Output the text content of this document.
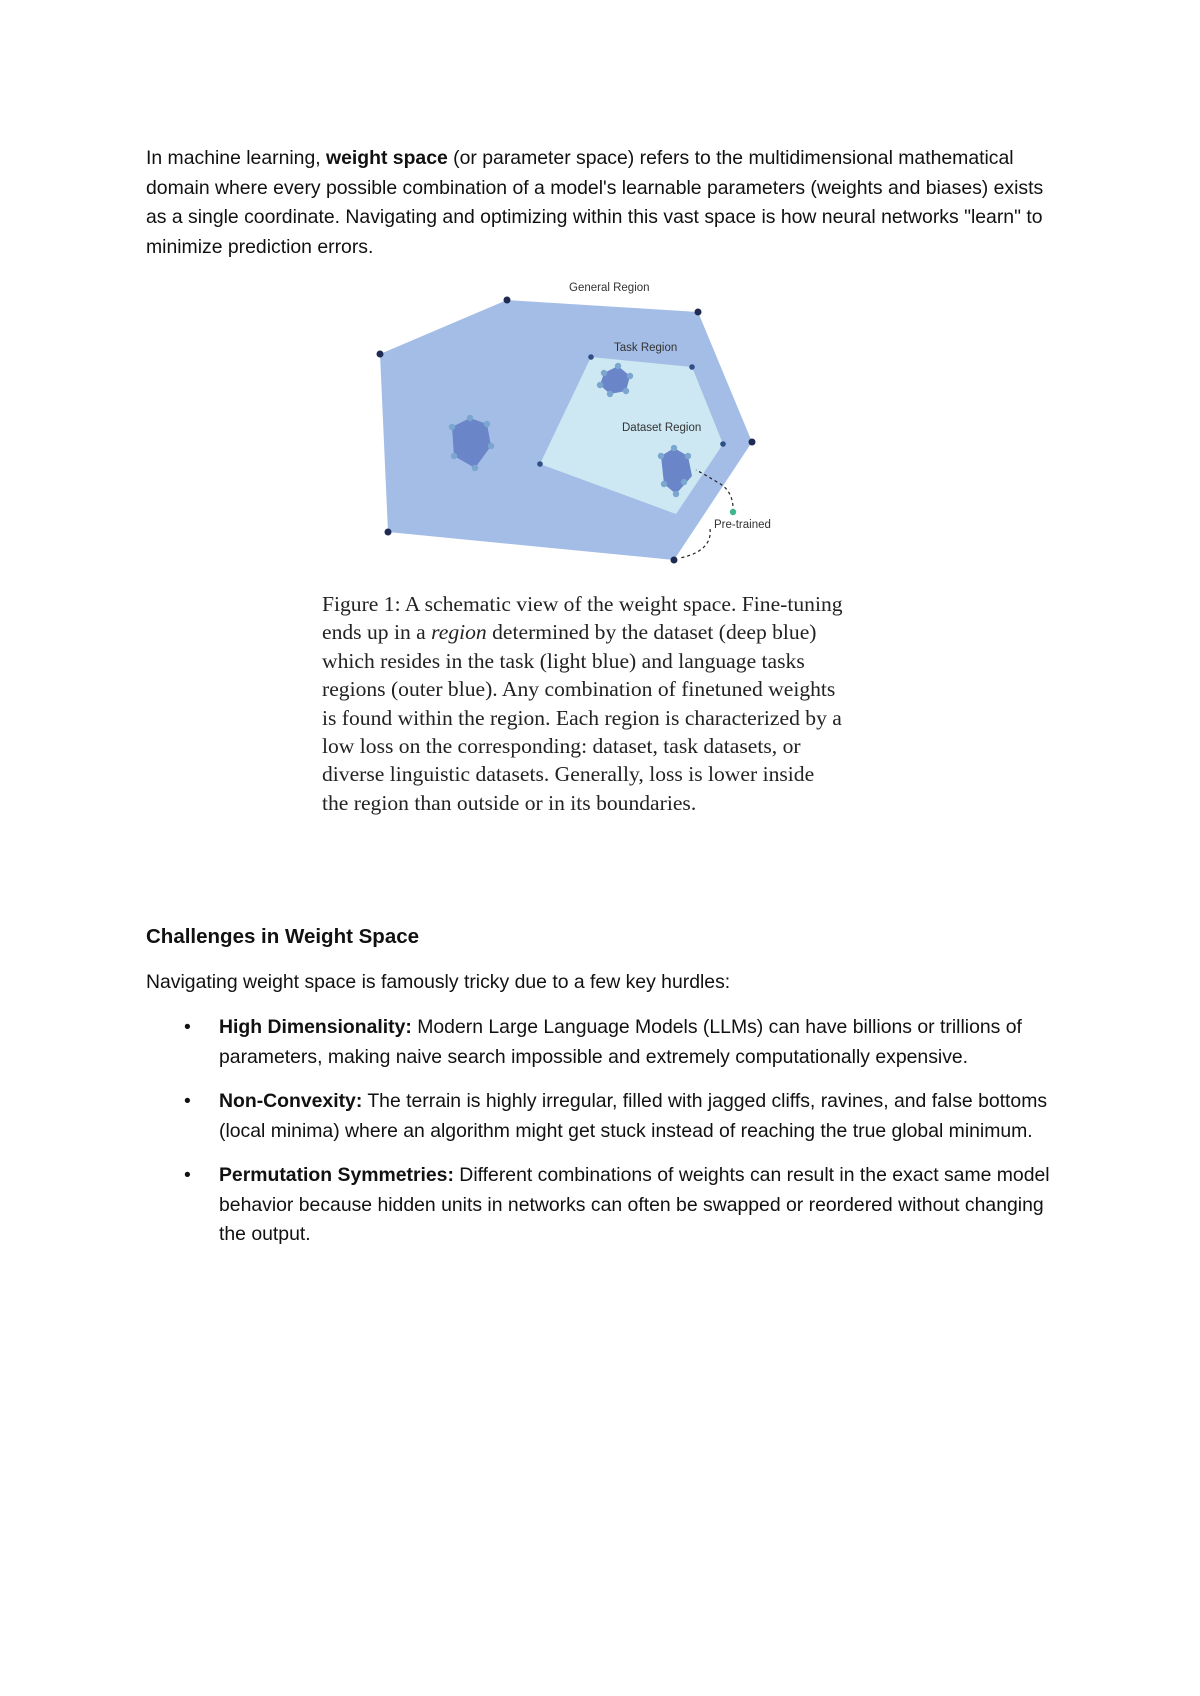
In machine learning, weight space (or parameter space) refers to the multidimensional mathematical domain where every possible combination of a model's learnable parameters (weights and biases) exists as a single coordinate. Navigating and optimizing within this vast space is how neural networks "learn" to minimize prediction errors.

General Region
Task Region
Dataset Region
Pre-trained

Figure 1: A schematic view of the weight space. Fine-tuning ends up in a region determined by the dataset (deep blue) which resides in the task (light blue) and language tasks regions (outer blue). Any combination of finetuned weights is found within the region. Each region is characterized by a low loss on the corresponding: dataset, task datasets, or diverse linguistic datasets. Generally, loss is lower inside the region than outside or in its boundaries.

Challenges in Weight Space

Navigating weight space is famously tricky due to a few key hurdles:

• High Dimensionality: Modern Large Language Models (LLMs) can have billions or trillions of parameters, making naive search impossible and extremely computationally expensive.
• Non-Convexity: The terrain is highly irregular, filled with jagged cliffs, ravines, and false bottoms (local minima) where an algorithm might get stuck instead of reaching the true global minimum.
• Permutation Symmetries: Different combinations of weights can result in the exact same model behavior because hidden units in networks can often be swapped or reordered without changing the output.
